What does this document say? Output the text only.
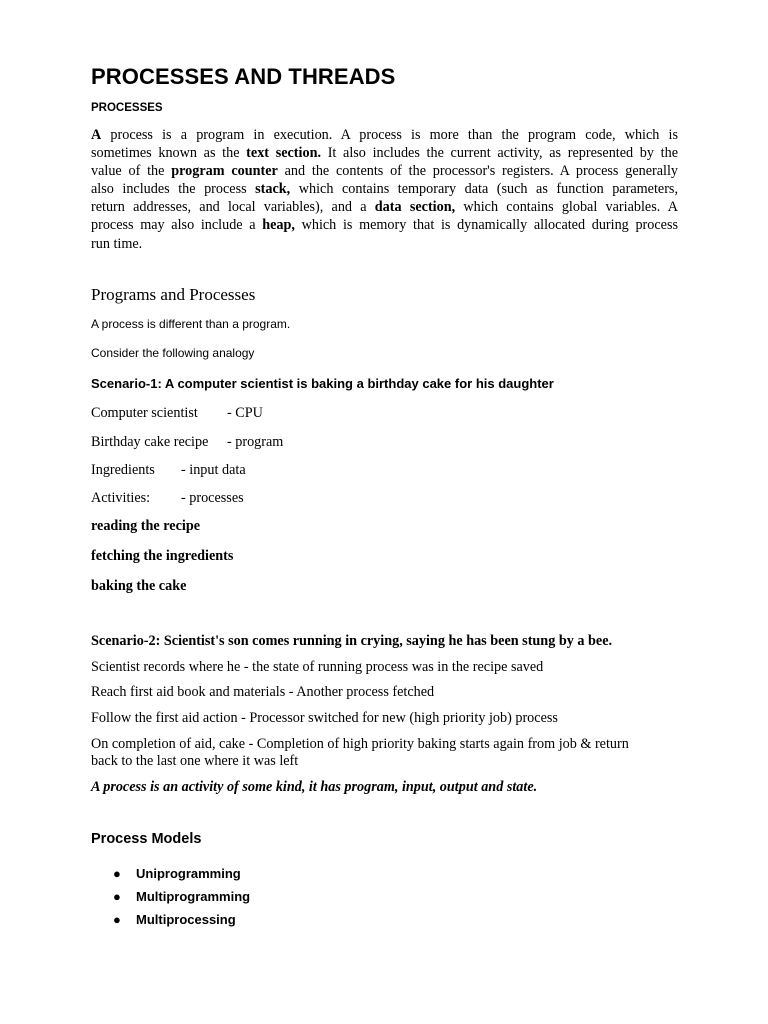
PROCESSES AND THREADS
PROCESSES
A process is a program in execution. A process is more than the program code, which is
sometimes known as the text section. It also includes the current activity, as represented by the
value of the program counter and the contents of the processor's registers. A process generally
also includes the process stack, which contains temporary data (such as function parameters,
return addresses, and local variables), and a data section, which contains global variables. A
process may also include a heap, which is memory that is dynamically allocated during process
run time.
Programs and Processes
A process is different than a program.
Consider the following analogy
Scenario-1: A computer scientist is baking a birthday cake for his daughter
Computer scientist - CPU
Birthday cake recipe - program
Ingredients - input data
Activities: - processes
reading the recipe
fetching the ingredients
baking the cake
Scenario-2: Scientist's son comes running in crying, saying he has been stung by a bee.
Scientist records where he - the state of running process was in the recipe saved
Reach first aid book and materials - Another process fetched
Follow the first aid action - Processor switched for new (high priority job) process
On completion of aid, cake - Completion of high priority baking starts again from job & return
back to the last one where it was left
A process is an activity of some kind, it has program, input, output and state.
Process Models
● Uniprogramming
● Multiprogramming
● Multiprocessing
